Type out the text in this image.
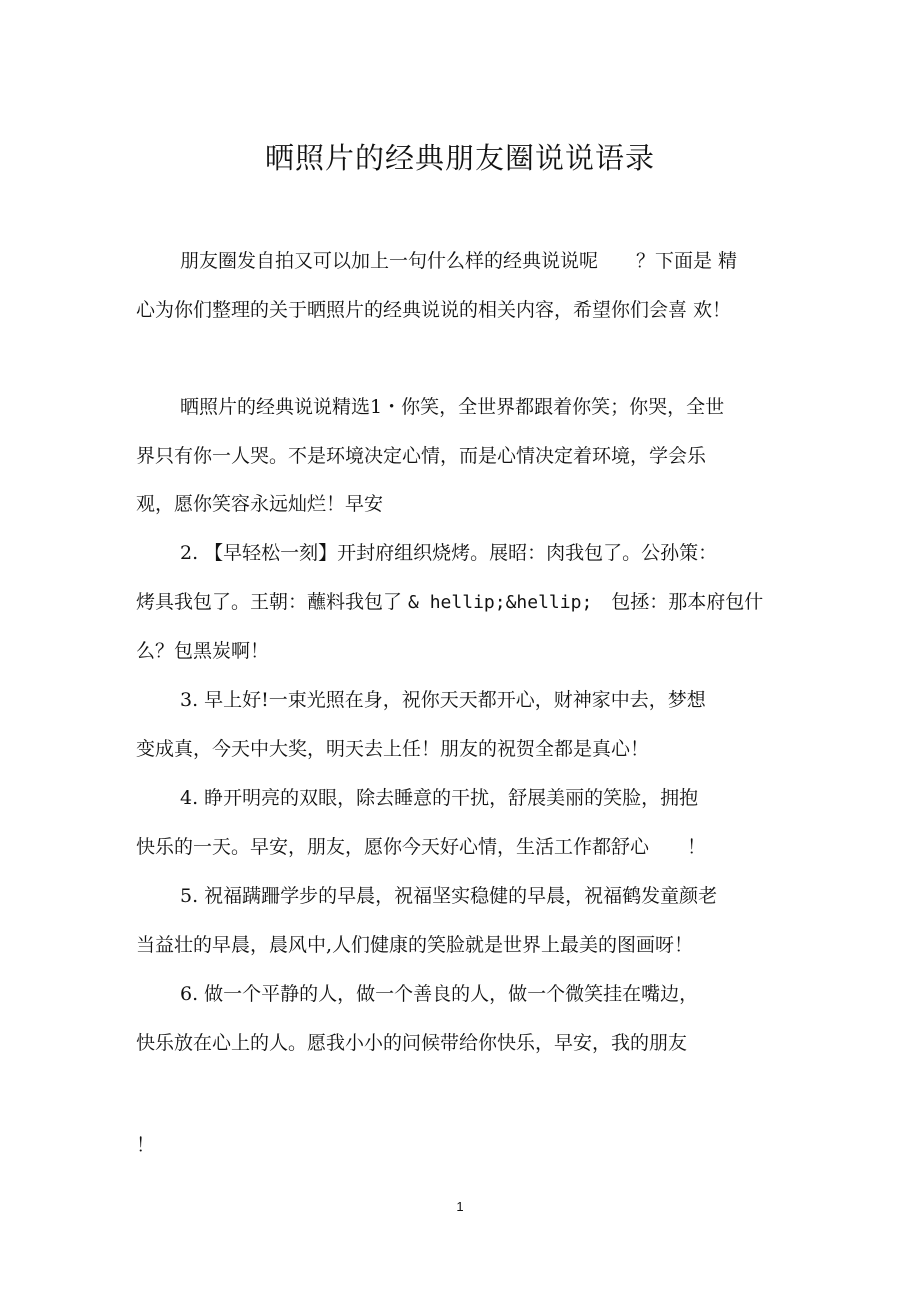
晒照片的经典朋友圈说说语录
朋友圈发自拍又可以加上一句什么样的经典说说呢　　？下面是 精
心为你们整理的关于晒照片的经典说说的相关内容，希望你们会喜 欢！
晒照片的经典说说精选1・你笑，全世界都跟着你笑；你哭，全世
界只有你一人哭。不是环境决定心情，而是心情决定着环境，学会乐
观，愿你笑容永远灿烂！早安
2. 【早轻松一刻】开封府组织烧烤。展昭：肉我包了。公孙策：
烤具我包了。王朝：蘸料我包了 & hellip;&hellip;　包拯：那本府包什
么？包黑炭啊！
3. 早上好!一束光照在身，祝你天天都开心，财神家中去，梦想
变成真，今天中大奖，明天去上任！朋友的祝贺全都是真心！
4. 睁开明亮的双眼，除去睡意的干扰，舒展美丽的笑脸，拥抱
快乐的一天。早安，朋友，愿你今天好心情，生活工作都舒心　　！
5. 祝福蹒跚学步的早晨，祝福坚实稳健的早晨，祝福鹤发童颜老
当益壮的早晨，晨风中,人们健康的笑脸就是世界上最美的图画呀！
6. 做一个平静的人，做一个善良的人，做一个微笑挂在嘴边，
快乐放在心上的人。愿我小小的问候带给你快乐，早安，我的朋友
！
1
